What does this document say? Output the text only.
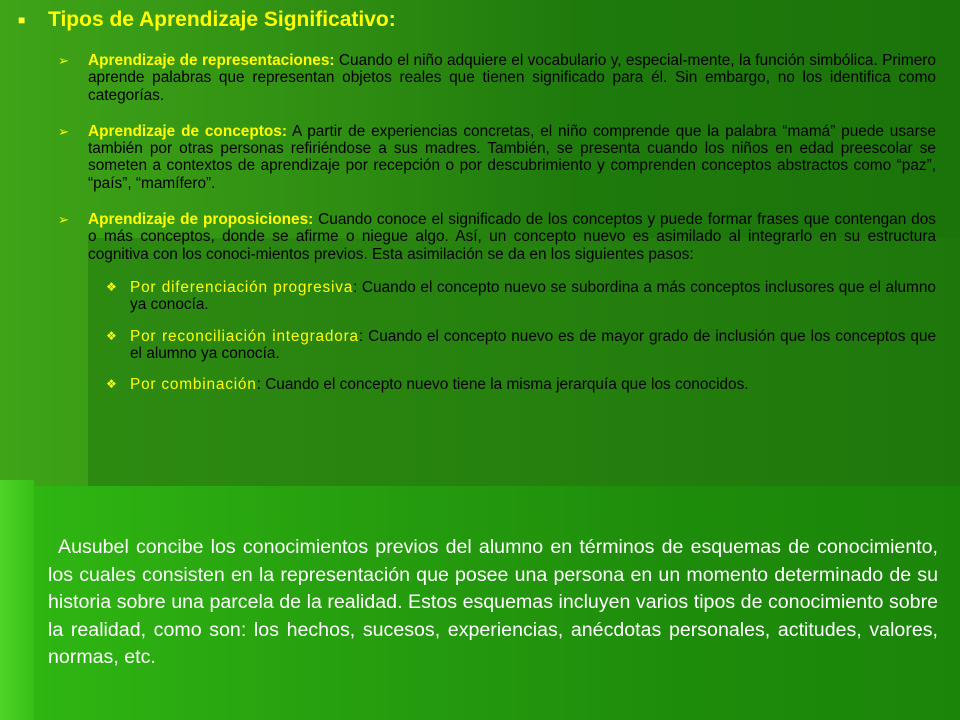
■	Tipos de Aprendizaje Significativo:
➢	Aprendizaje de representaciones: Cuando el niño adquiere el vocabulario y, especial-mente, la función simbólica. Primero aprende palabras que representan objetos reales que tienen significado para él. Sin embargo, no los identifica como categorías.
➢	Aprendizaje de conceptos: A partir de experiencias concretas, el niño comprende que la palabra “mamá” puede usarse también por otras personas refiriéndose a sus madres. También, se presenta cuando los niños en edad preescolar se someten a contextos de aprendizaje por recepción o por descubrimiento y comprenden conceptos abstractos como “paz”, “país”, “mamífero”.
➢	Aprendizaje de proposiciones: Cuando conoce el significado de los conceptos y puede formar frases que contengan dos o más conceptos, donde se afirme o niegue algo. Así, un concepto nuevo es asimilado al integrarlo en su estructura cognitiva con los conoci-mientos previos. Esta asimilación se da en los siguientes pasos:
❖ Por diferenciación progresiva: Cuando el concepto nuevo se subordina a más conceptos inclusores que el alumno ya conocía.
❖ Por reconciliación integradora: Cuando el concepto nuevo es de mayor grado de inclusión que los conceptos que el alumno ya conocía.
❖ Por combinación: Cuando el concepto nuevo tiene la misma jerarquía que los conocidos.
Ausubel concibe los conocimientos previos del alumno en términos de esquemas de conocimiento, los cuales consisten en la representación que posee una persona en un momento determinado de su historia sobre una parcela de la realidad. Estos esquemas incluyen varios tipos de conocimiento sobre la realidad, como son: los hechos, sucesos, experiencias, anécdotas personales, actitudes, valores, normas, etc.
